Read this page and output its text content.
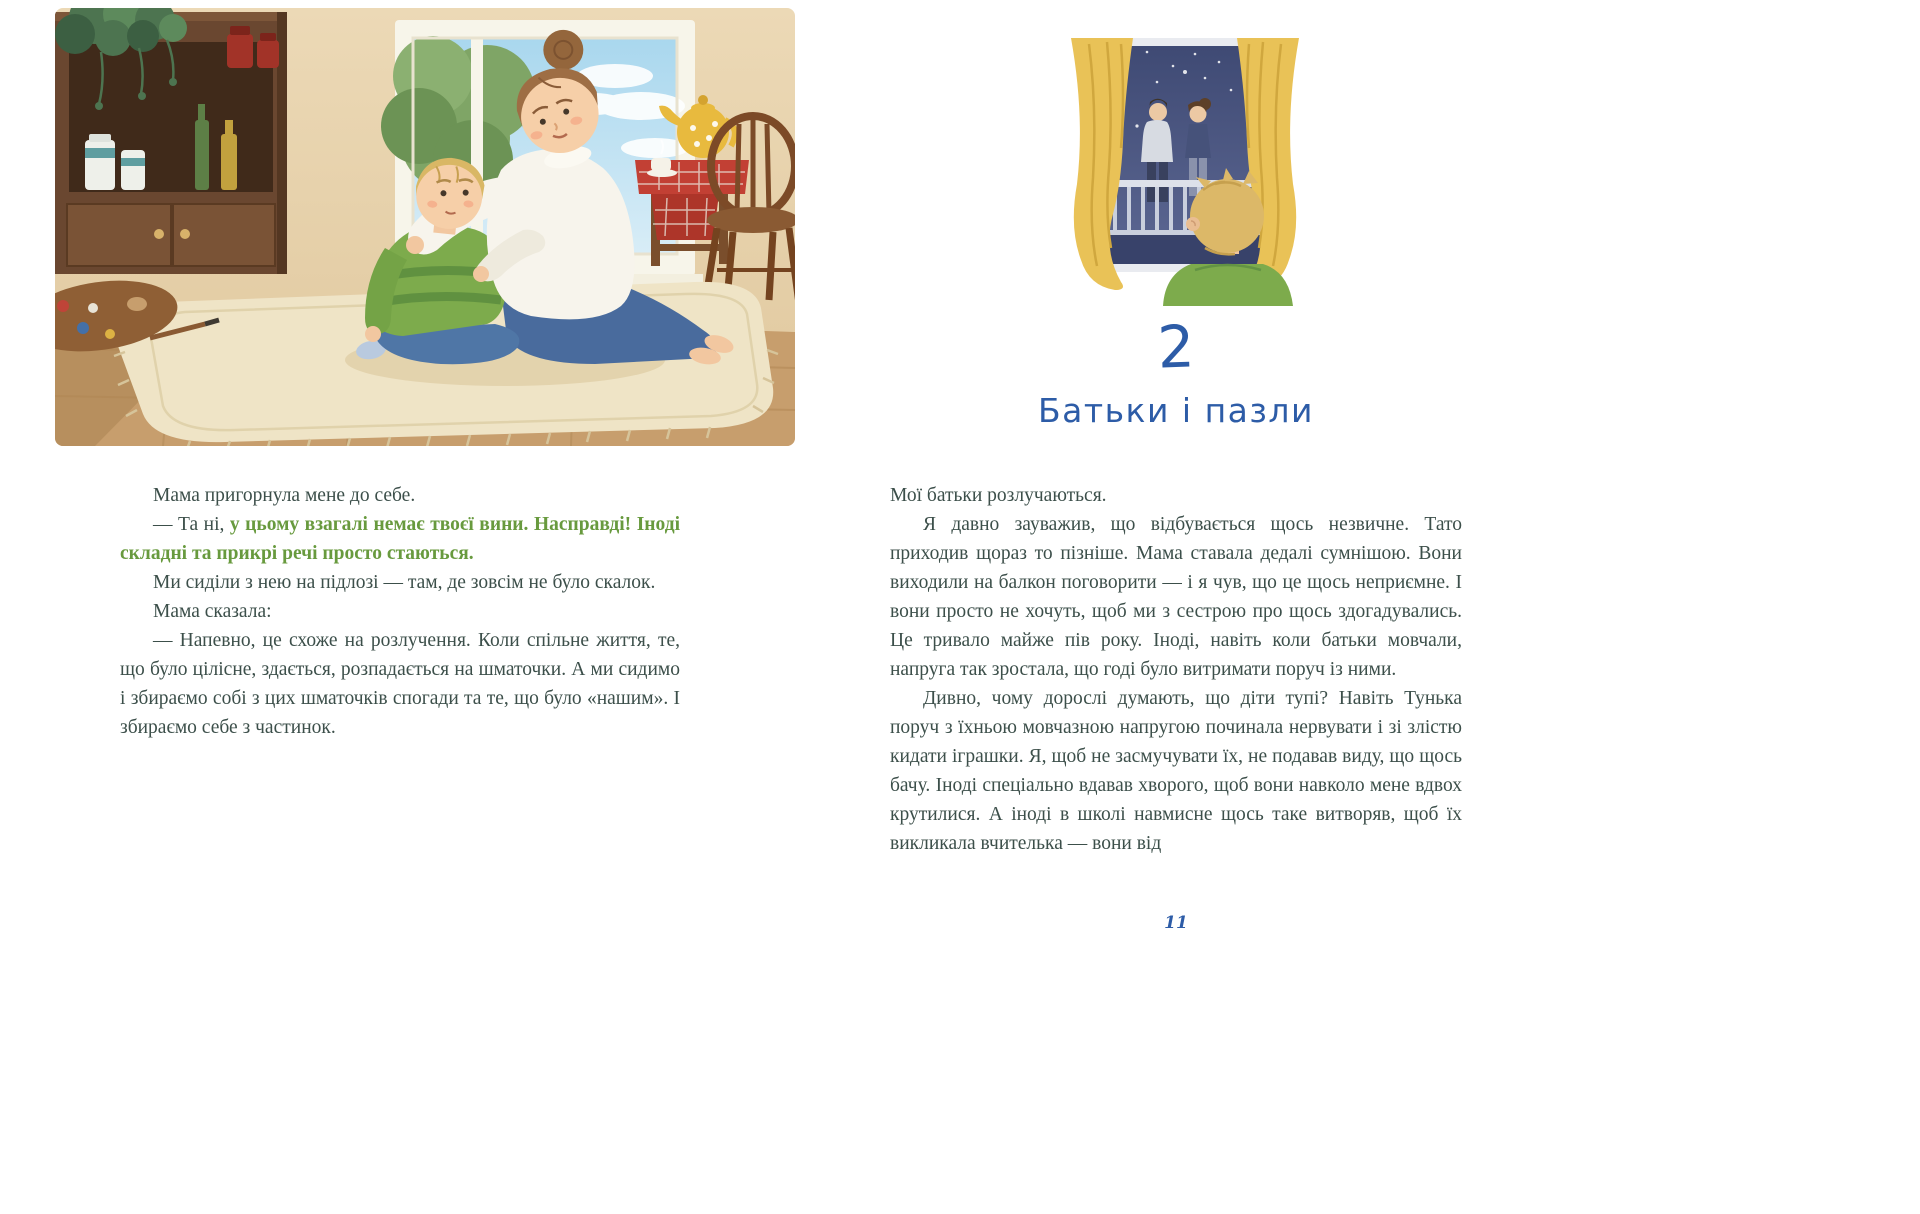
Мама пригорнула мене до себе.

— Та ні, у цьому взагалі немає твоєї вини. Насправді! Іноді складні та прикрі речі просто стаються.

Ми сиділи з нею на підлозі — там, де зовсім не було скалок.

Мама сказала:

— Напевно, це схоже на розлучення. Коли спільне життя, те, що було цілісне, здається, розпадається на шматочки. А ми сидимо і збираємо собі з цих шматочків спогади та те, що було «нашим». І збираємо себе з частинок.

2
Батьки і пазли

Мої батьки розлучаються.

Я давно зауважив, що відбувається щось незвичне. Тато приходив щораз то пізніше. Мама ставала дедалі сумнішою. Вони виходили на балкон поговорити — і я чув, що це щось неприємне. І вони просто не хочуть, щоб ми з сестрою про щось здогадувались. Це тривало майже пів року. Іноді, навіть коли батьки мовчали, напруга так зростала, що годі було витримати поруч із ними.

Дивно, чому дорослі думають, що діти тупі? Навіть Тунька поруч з їхньою мовчазною напругою починала нервувати і зі злістю кидати іграшки. Я, щоб не засмучувати їх, не подавав виду, що щось бачу. Іноді спеціально вдавав хворого, щоб вони навколо мене вдвох крутилися. А іноді в школі навмисне щось таке витворяв, щоб їх викликала вчителька — вони від

11
